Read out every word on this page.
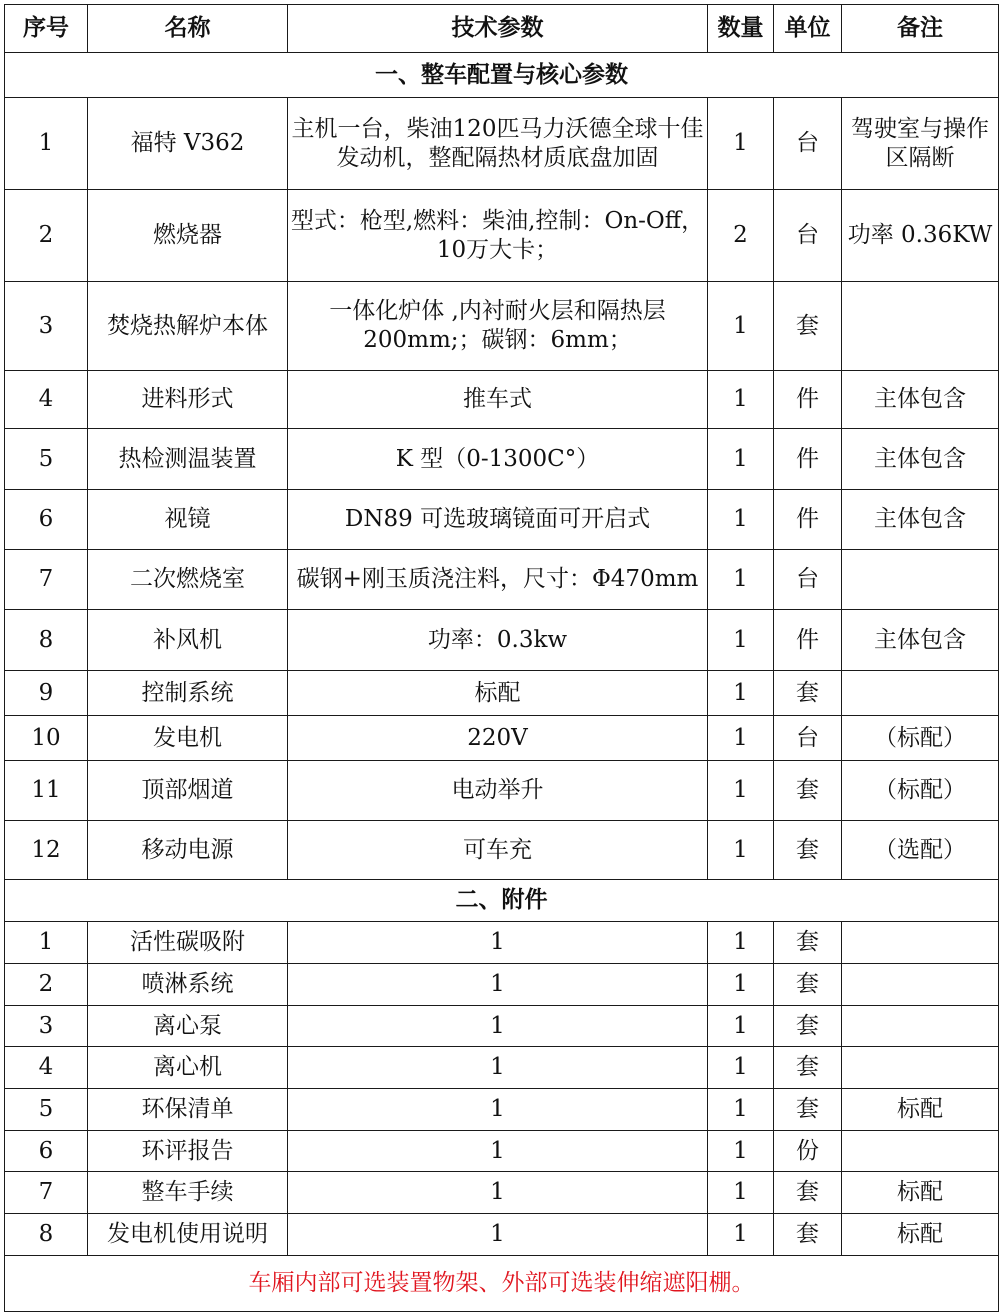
序号	名称	技术参数	数量	单位	备注
一、整车配置与核心参数					
1	福特 V362	主机一台，柴油120匹马力沃德全球十佳发动机，整配隔热材质底盘加固	1	台	驾驶室与操作区隔断
2	燃烧器	型式：枪型,燃料：柴油,控制：On-Off，10万大卡；	2	台	功率 0.36KW
3	焚烧热解炉本体	一体化炉体 ,内衬耐火层和隔热层200mm;；碳钢：6mm；	1	套	
4	进料形式	推车式	1	件	主体包含
5	热检测温装置	K 型（0-1300C°）	1	件	主体包含
6	视镜	DN89 可选玻璃镜面可开启式	1	件	主体包含
7	二次燃烧室	碳钢+刚玉质浇注料，尺寸：Φ470mm	1	台	
8	补风机	功率：0.3kw	1	件	主体包含
9	控制系统	标配	1	套	
10	发电机	220V	1	台	（标配）
11	顶部烟道	电动举升	1	套	（标配）
12	移动电源	可车充	1	套	（选配）
二、附件					
1	活性碳吸附	1	1	套	
2	喷淋系统	1	1	套	
3	离心泵	1	1	套	
4	离心机	1	1	套	
5	环保清单	1	1	套	标配
6	环评报告	1	1	份	
7	整车手续	1	1	套	标配
8	发电机使用说明	1	1	套	标配
车厢内部可选装置物架、外部可选装伸缩遮阳棚。					
